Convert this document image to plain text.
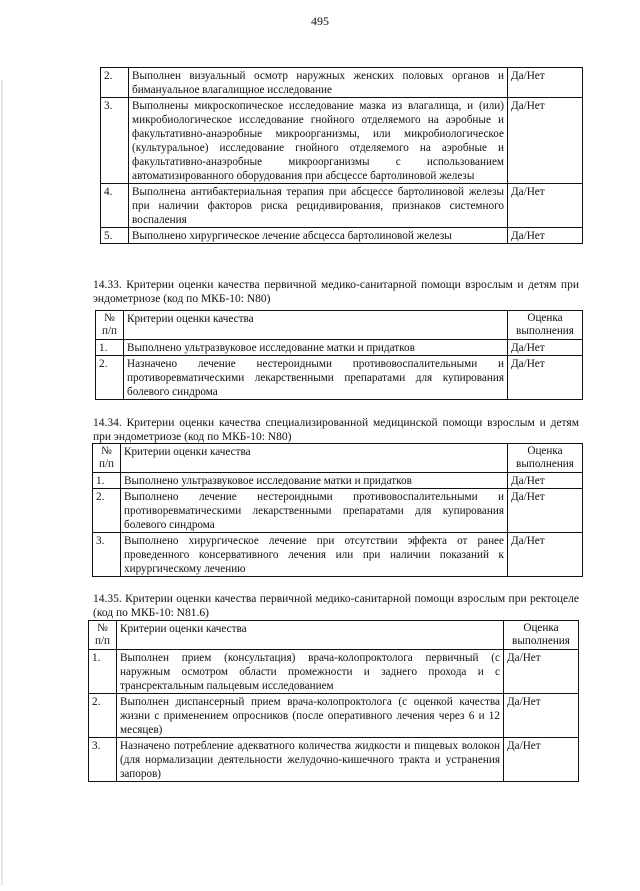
495
2.	Выполнен визуальный осмотр наружных женских половых органов и бимануальное влагалищное исследование	Да/Нет
3.	Выполнены микроскопическое исследование мазка из влагалища, и (или) микробиологическое исследование гнойного отделяемого на аэробные и факультативно-анаэробные микроорганизмы, или микробиологическое (культуральное) исследование гнойного отделяемого на аэробные и факультативно-анаэробные микроорганизмы с использованием автоматизированного оборудования при абсцессе бартолиновой железы	Да/Нет
4.	Выполнена антибактериальная терапия при абсцессе бартолиновой железы при наличии факторов риска рецидивирования, признаков системного воспаления	Да/Нет
5.	Выполнено хирургическое лечение абсцесса бартолиновой железы	Да/Нет
14.33. Критерии оценки качества первичной медико-санитарной помощи взрослым и детям при эндометриозе (код по МКБ-10: N80)
№ п/п	Критерии оценки качества	Оценка выполнения
1.	Выполнено ультразвуковое исследование матки и придатков	Да/Нет
2.	Назначено лечение нестероидными противовоспалительными и противоревматическими лекарственными препаратами для купирования болевого синдрома	Да/Нет
14.34. Критерии оценки качества специализированной медицинской помощи взрослым и детям при эндометриозе (код по МКБ-10: N80)
№ п/п	Критерии оценки качества	Оценка выполнения
1.	Выполнено ультразвуковое исследование матки и придатков	Да/Нет
2.	Выполнено лечение нестероидными противовоспалительными и противоревматическими лекарственными препаратами для купирования болевого синдрома	Да/Нет
3.	Выполнено хирургическое лечение при отсутствии эффекта от ранее проведенного консервативного лечения или при наличии показаний к хирургическому лечению	Да/Нет
14.35. Критерии оценки качества первичной медико-санитарной помощи взрослым при ректоцеле (код по МКБ-10: N81.6)
№ п/п	Критерии оценки качества	Оценка выполнения
1.	Выполнен прием (консультация) врача-колопроктолога первичный (с наружным осмотром области промежности и заднего прохода и с трансректальным пальцевым исследованием	Да/Нет
2.	Выполнен диспансерный прием врача-колопроктолога (с оценкой качества жизни с применением опросников (после оперативного лечения через 6 и 12 месяцев)	Да/Нет
3.	Назначено потребление адекватного количества жидкости и пищевых волокон (для нормализации деятельности желудочно-кишечного тракта и устранения запоров)	Да/Нет
